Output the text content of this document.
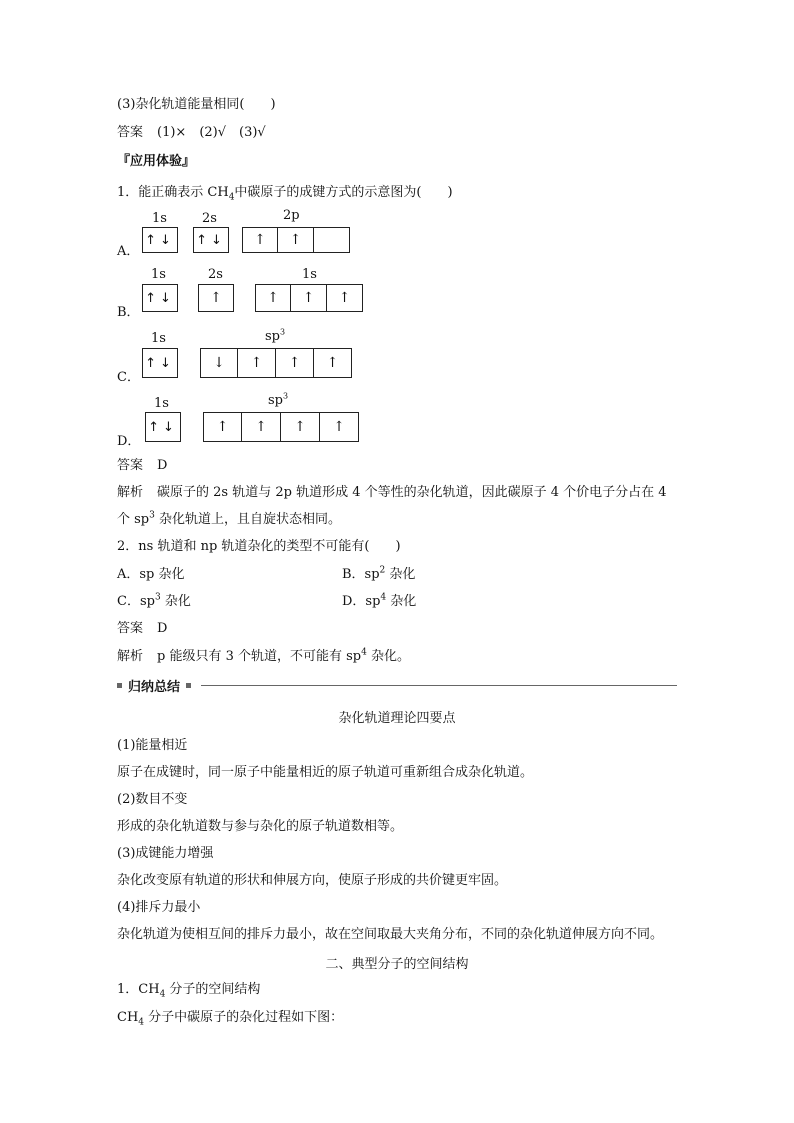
(3)杂化轨道能量相同(　　)
答案 (1)×　(2)√　(3)√
『应用体验』
1．能正确表示 $CH_4$中碳原子的成键方式的示意图为(　　)
A．
1s	2s	2p
↑↓ ↑↓	↑	↑
B．
1s	2s	1s
↑↓	↑	↑	↑	↑
C．
1s	$sp^3$
↑↓	↓	↑	↑	↑
D．
1s	$sp^3$
↑↓	↑	↑	↑	↑
答案 D
解析 碳原子的 2s 轨道与 2p 轨道形成 4 个等性的杂化轨道，因此碳原子 4 个价电子分占在 4
个 $sp^3$ 杂化轨道上，且自旋状态相同。
2．ns 轨道和 np 轨道杂化的类型不可能有(　　)
A．sp 杂化	B．$sp^2$ 杂化
C．$sp^3$ 杂化	D．$sp^4$ 杂化
答案 D
解析 p 能级只有 3 个轨道，不可能有 $sp^4$ 杂化。
归纳总结
杂化轨道理论四要点
(1)能量相近
原子在成键时，同一原子中能量相近的原子轨道可重新组合成杂化轨道。
(2)数目不变
形成的杂化轨道数与参与杂化的原子轨道数相等。
(3)成键能力增强
杂化改变原有轨道的形状和伸展方向，使原子形成的共价键更牢固。
(4)排斥力最小
杂化轨道为使相互间的排斥力最小，故在空间取最大夹角分布，不同的杂化轨道伸展方向不同。
二、典型分子的空间结构
1．$CH_4$ 分子的空间结构
$CH_4$ 分子中碳原子的杂化过程如下图：
